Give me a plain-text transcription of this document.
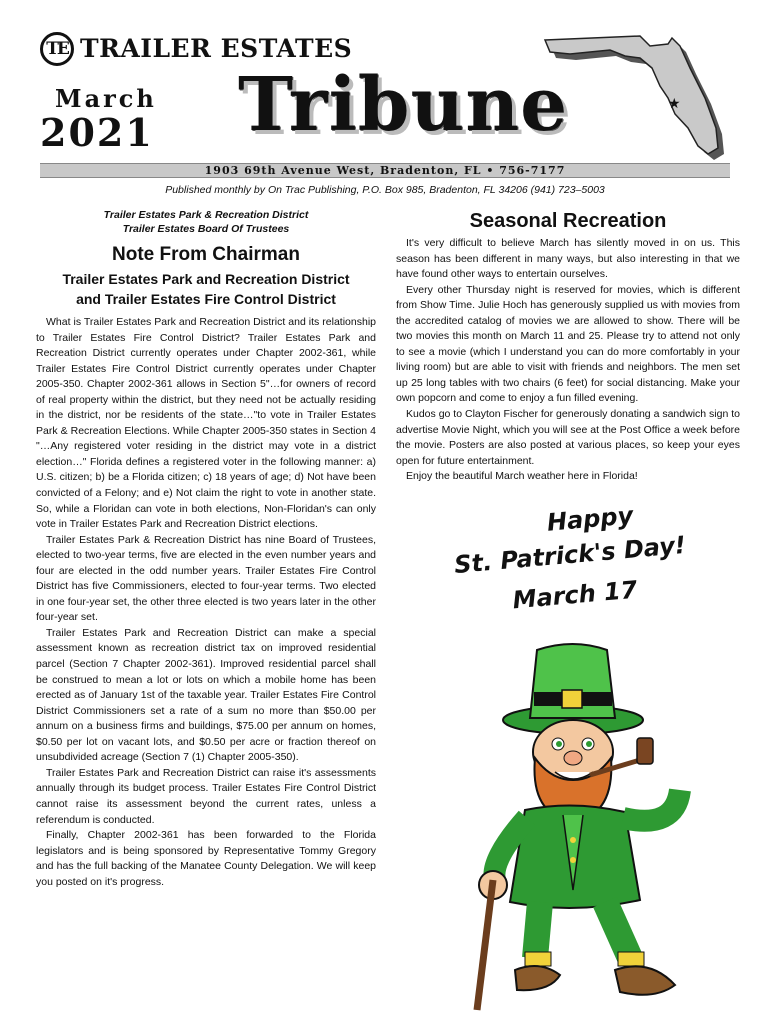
TE TRAILER ESTATES
March
2021 Tribune	★
1903 69th Avenue West, Bradenton, FL • 756-7177
Published monthly by On Trac Publishing, P.O. Box 985, Bradenton, FL 34206 (941) 723–5003
Trailer Estates Park & Recreation District
Trailer Estates Board Of Trustees
Note From Chairman
Trailer Estates Park and Recreation District
and Trailer Estates Fire Control District

What is Trailer Estates Park and Recreation District and its relationship to Trailer Estates Fire Control District? Trailer Estates Park and Recreation District currently operates under Chapter 2002-361, while Trailer Estates Fire Control District currently operates under Chapter 2005-350. Chapter 2002-361 allows in Section 5"…for owners of record of real property within the district, but they need not be actually residing in the district, nor be residents of the state…"to vote in Trailer Estates Park & Recreation Elections. While Chapter 2005-350 states in Section 4 "…Any registered voter residing in the district may vote in a district election…" Florida defines a registered voter in the following manner: a) U.S. citizen; b) be a Florida citizen; c) 18 years of age; d) Not have been convicted of a Felony; and e) Not claim the right to vote in another state. So, while a Floridan can vote in both elections, Non-Floridan's can only vote in Trailer Estates Park and Recreation District elections.

Trailer Estates Park & Recreation District has nine Board of Trustees, elected to two-year terms, five are elected in the even number years and four are elected in the odd number years. Trailer Estates Fire Control District has five Commissioners, elected to four-year terms. Two elected in one four-year set, the other three elected is two years later in the other four-year set.

Trailer Estates Park and Recreation District can make a special assessment known as recreation district tax on improved residential parcel (Section 7 Chapter 2002-361). Improved residential parcel shall be construed to mean a lot or lots on which a mobile home has been erected as of January 1st of the taxable year. Trailer Estates Fire Control District Commissioners set a rate of a sum no more than $50.00 per annum on a business firms and buildings, $75.00 per annum on homes, $0.50 per lot on vacant lots, and $0.50 per acre or fraction thereof on unsubdivided acreage (Section 7 (1) Chapter 2005-350).

Trailer Estates Park and Recreation District can raise it's assessments annually through its budget process. Trailer Estates Fire Control District cannot raise its assessment beyond the current rates, unless a referendum is conducted.

Finally, Chapter 2002-361 has been forwarded to the Florida legislators and is being sponsored by Representative Tommy Gregory and has the full backing of the Manatee County Delegation. We will keep you posted on it's progress.

Seasonal Recreation

It's very difficult to believe March has silently moved in on us. This season has been different in many ways, but also interesting in that we have found other ways to entertain ourselves.

Every other Thursday night is reserved for movies, which is different from Show Time. Julie Hoch has generously supplied us with movies from the accredited catalog of movies we are allowed to show. There will be two movies this month on March 11 and 25. Please try to attend not only to see a movie (which I understand you can do more comfortably in your living room) but are able to visit with friends and neighbors. The men set up 25 long tables with two chairs (6 feet) for social distancing. Make your own popcorn and come to enjoy a fun filled evening.

Kudos go to Clayton Fischer for generously donating a sandwich sign to advertise Movie Night, which you will see at the Post Office a week before the movie. Posters are also posted at various places, so keep your eyes open for future entertainment.

Enjoy the beautiful March weather here in Florida!

Happy
St. Patrick's Day!
March 17
